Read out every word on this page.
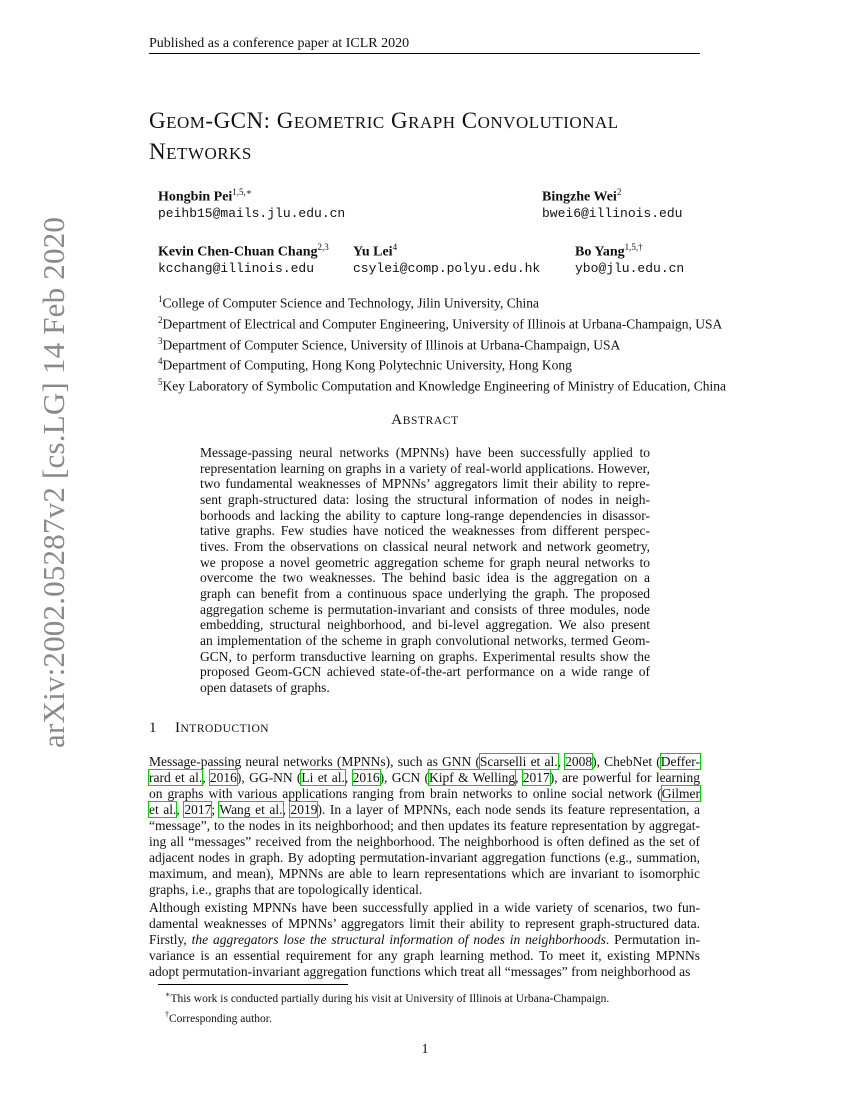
Published as a conference paper at ICLR 2020
arXiv:2002.05287v2 [cs.LG] 14 Feb 2020
GEOM-GCN: GEOMETRIC GRAPH CONVOLUTIONAL
NETWORKS
Hongbin Pei$^{1,5,∗}$
peihb15@mails.jlu.edu.cn
Bingzhe Wei$^2$
bwei6@illinois.edu
Kevin Chen-Chuan Chang$^{2,3}$
kcchang@illinois.edu
Yu Lei$^4$
csylei@comp.polyu.edu.hk
Bo Yang$^{1,5,\dagger}$
ybo@jlu.edu.cn
$^1$College of Computer Science and Technology, Jilin University, China
$^2$Department of Electrical and Computer Engineering, University of Illinois at Urbana-Champaign, USA
$^3$Department of Computer Science, University of Illinois at Urbana-Champaign, USA
$^4$Department of Computing, Hong Kong Polytechnic University, Hong Kong
$^5$Key Laboratory of Symbolic Computation and Knowledge Engineering of Ministry of Education, China
ABSTRACT
Message-passing neural networks (MPNNs) have been successfully applied to
representation learning on graphs in a variety of real-world applications. However,
two fundamental weaknesses of MPNNs’ aggregators limit their ability to repre-
sent graph-structured data: losing the structural information of nodes in neigh-
borhoods and lacking the ability to capture long-range dependencies in disassor-
tative graphs. Few studies have noticed the weaknesses from different perspec-
tives. From the observations on classical neural network and network geometry,
we propose a novel geometric aggregation scheme for graph neural networks to
overcome the two weaknesses. The behind basic idea is the aggregation on a
graph can benefit from a continuous space underlying the graph. The proposed
aggregation scheme is permutation-invariant and consists of three modules, node
embedding, structural neighborhood, and bi-level aggregation. We also present
an implementation of the scheme in graph convolutional networks, termed Geom-
GCN, to perform transductive learning on graphs. Experimental results show the
proposed Geom-GCN achieved state-of-the-art performance on a wide range of
open datasets of graphs.
1 INTRODUCTION
Message-passing neural networks (MPNNs), such as GNN (Scarselli et al., 2008), ChebNet (Deffer-
rard et al., 2016), GG-NN (Li et al., 2016), GCN (Kipf & Welling, 2017), are powerful for learning
on graphs with various applications ranging from brain networks to online social network (Gilmer
et al., 2017; Wang et al., 2019). In a layer of MPNNs, each node sends its feature representation, a
“message”, to the nodes in its neighborhood; and then updates its feature representation by aggregat-
ing all “messages” received from the neighborhood. The neighborhood is often defined as the set of
adjacent nodes in graph. By adopting permutation-invariant aggregation functions (e.g., summation,
maximum, and mean), MPNNs are able to learn representations which are invariant to isomorphic
graphs, i.e., graphs that are topologically identical.
Although existing MPNNs have been successfully applied in a wide variety of scenarios, two fun-
damental weaknesses of MPNNs’ aggregators limit their ability to represent graph-structured data.
Firstly, the aggregators lose the structural information of nodes in neighborhoods. Permutation in-
variance is an essential requirement for any graph learning method. To meet it, existing MPNNs
adopt permutation-invariant aggregation functions which treat all “messages” from neighborhood as
∗This work is conducted partially during his visit at University of Illinois at Urbana-Champaign.
†Corresponding author.
1
